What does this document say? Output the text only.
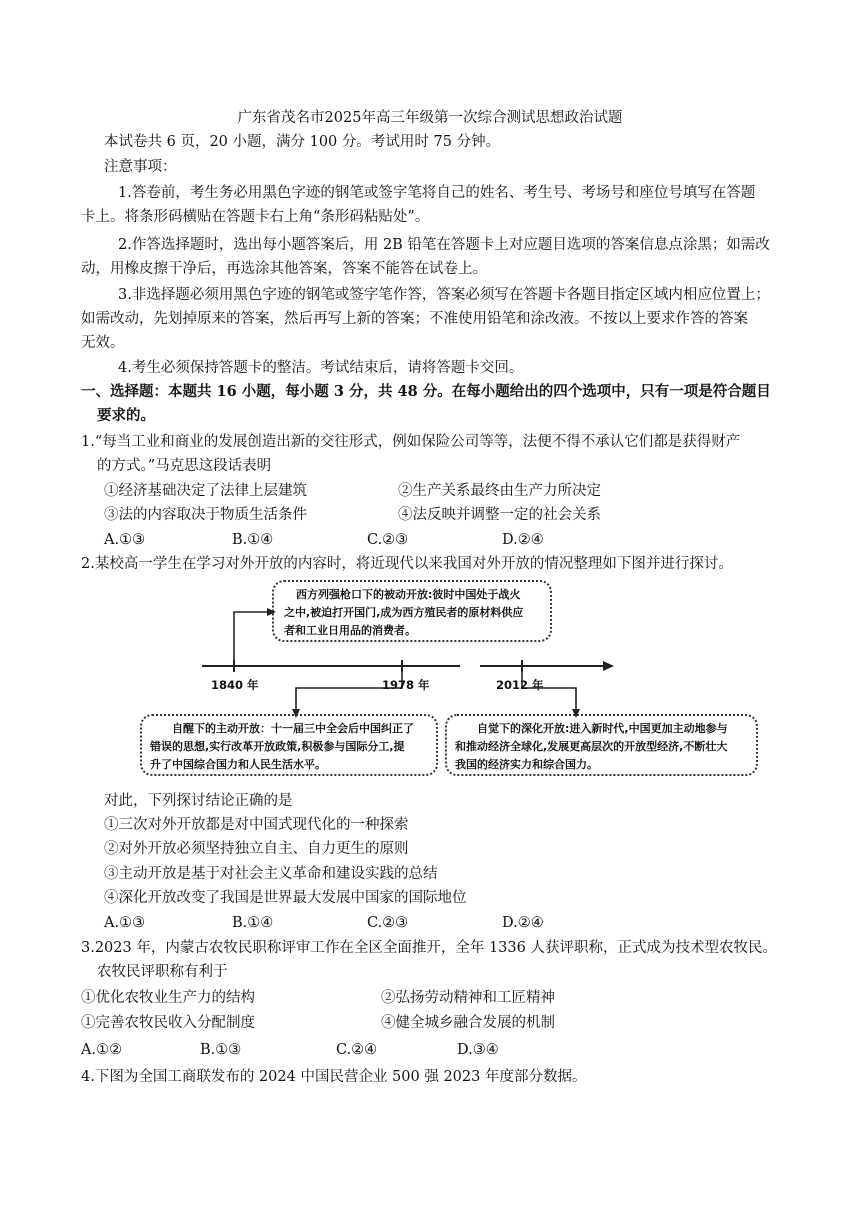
广东省茂名市2025年高三年级第一次综合测试思想政治试题
本试卷共 6 页，20 小题，满分 100 分。考试用时 75 分钟。
注意事项：
1.答卷前，考生务必用黑色字迹的钢笔或签字笔将自己的姓名、考生号、考场号和座位号填写在答题
卡上。将条形码横贴在答题卡右上角“条形码粘贴处”。
2.作答选择题时，选出每小题答案后，用 2B 铅笔在答题卡上对应题目选项的答案信息点涂黑；如需改
动，用橡皮擦干净后，再选涂其他答案，答案不能答在试卷上。
3.非选择题必须用黑色字迹的钢笔或签字笔作答，答案必须写在答题卡各题目指定区域内相应位置上；
如需改动，先划掉原来的答案，然后再写上新的答案；不准使用铅笔和涂改液。不按以上要求作答的答案
无效。
4.考生必须保持答题卡的整洁。考试结束后，请将答题卡交回。
一、选择题：本题共 16 小题，每小题 3 分，共 48 分。在每小题给出的四个选项中，只有一项是符合题目
要求的。
1.“每当工业和商业的发展创造出新的交往形式，例如保险公司等等，法便不得不承认它们都是获得财产
的方式。”马克思这段话表明
①经济基础决定了法律上层建筑	②生产关系最终由生产力所决定
③法的内容取决于物质生活条件	④法反映并调整一定的社会关系
A.①③	B.①④	C.②③	D.②④
2.某校高一学生在学习对外开放的内容时，将近现代以来我国对外开放的情况整理如下图并进行探讨。
1840 年	1978 年	2012 年
西方列强枪口下的被动开放:彼时中国处于战火
之中,被迫打开国门,成为西方殖民者的原材料供应
者和工业日用品的消费者。
自醒下的主动开放：十一届三中全会后中国纠正了
错误的思想,实行改革开放政策,积极参与国际分工,提
升了中国综合国力和人民生活水平。
自觉下的深化开放:进入新时代,中国更加主动地参与
和推动经济全球化,发展更高层次的开放型经济,不断壮大
我国的经济实力和综合国力。
对此，下列探讨结论正确的是
①三次对外开放都是对中国式现代化的一种探索
②对外开放必须坚持独立自主、自力更生的原则
③主动开放是基于对社会主义革命和建设实践的总结
④深化开放改变了我国是世界最大发展中国家的国际地位
A.①③	B.①④	C.②③	D.②④
3.2023 年，内蒙古农牧民职称评审工作在全区全面推开，全年 1336 人获评职称，正式成为技术型农牧民。
农牧民评职称有利于
①优化农牧业生产力的结构	②弘扬劳动精神和工匠精神
①完善农牧民收入分配制度	④健全城乡融合发展的机制
A.①②	B.①③	C.②④	D.③④
4.下图为全国工商联发布的 2024 中国民营企业 500 强 2023 年度部分数据。
